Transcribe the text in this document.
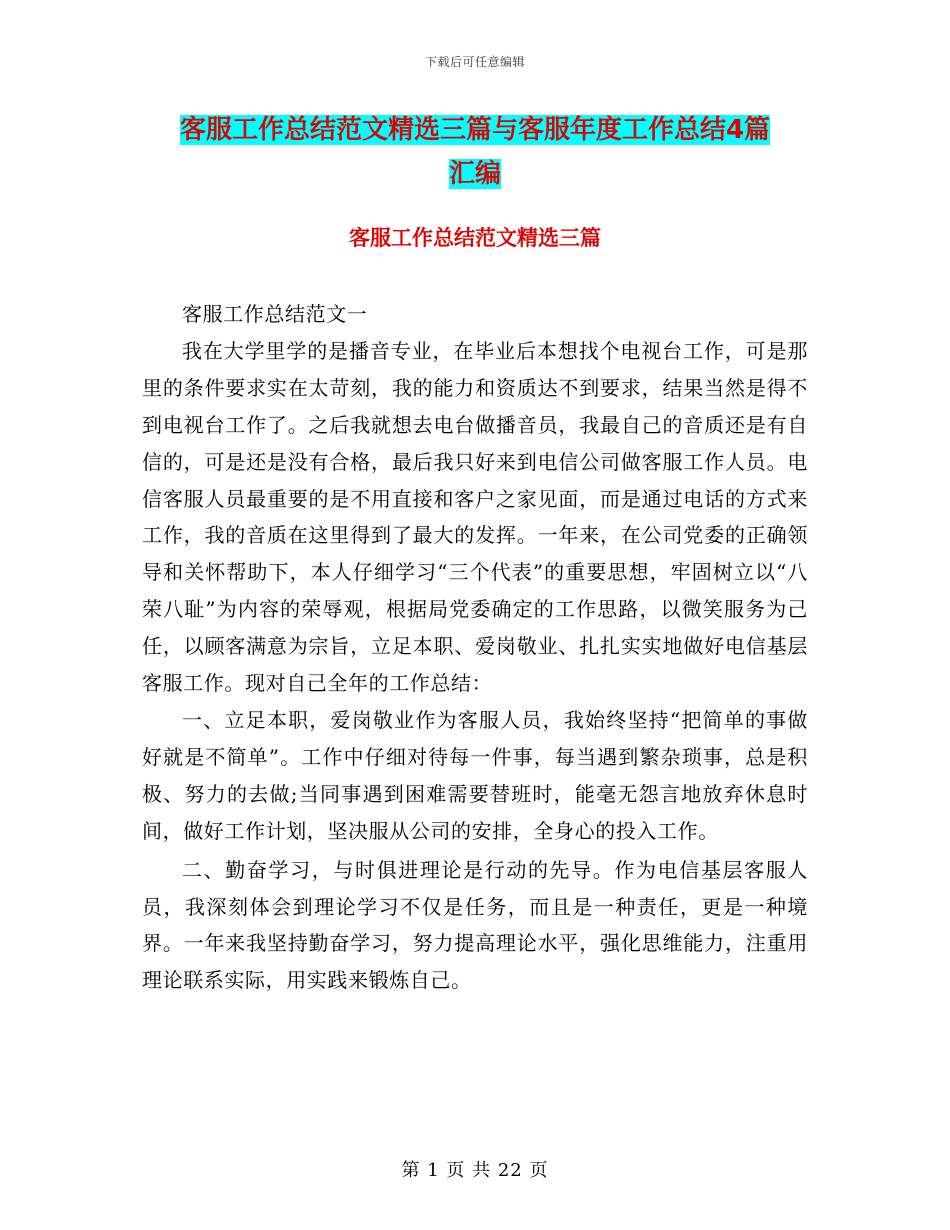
下载后可任意编辑
客服工作总结范文精选三篇与客服年度工作总结4篇
汇编
客服工作总结范文精选三篇

客服工作总结范文一

我在大学里学的是播音专业，在毕业后本想找个电视台工作，可是那里的条件要求实在太苛刻，我的能力和资质达不到要求，结果当然是得不到电视台工作了。之后我就想去电台做播音员，我最自己的音质还是有自信的，可是还是没有合格，最后我只好来到电信公司做客服工作人员。电信客服人员最重要的是不用直接和客户之家见面，而是通过电话的方式来工作，我的音质在这里得到了最大的发挥。一年来，在公司党委的正确领导和关怀帮助下，本人仔细学习“三个代表”的重要思想，牢固树立以“八荣八耻”为内容的荣辱观，根据局党委确定的工作思路，以微笑服务为己任，以顾客满意为宗旨，立足本职、爱岗敬业、扎扎实实地做好电信基层客服工作。现对自己全年的工作总结：

一、立足本职，爱岗敬业作为客服人员，我始终坚持“把简单的事做好就是不简单”。工作中仔细对待每一件事，每当遇到繁杂琐事，总是积极、努力的去做;当同事遇到困难需要替班时，能毫无怨言地放弃休息时间，做好工作计划，坚决服从公司的安排，全身心的投入工作。

二、勤奋学习，与时俱进理论是行动的先导。作为电信基层客服人员，我深刻体会到理论学习不仅是任务，而且是一种责任，更是一种境界。一年来我坚持勤奋学习，努力提高理论水平，强化思维能力，注重用理论联系实际，用实践来锻炼自己。

第 1 页 共 22 页
